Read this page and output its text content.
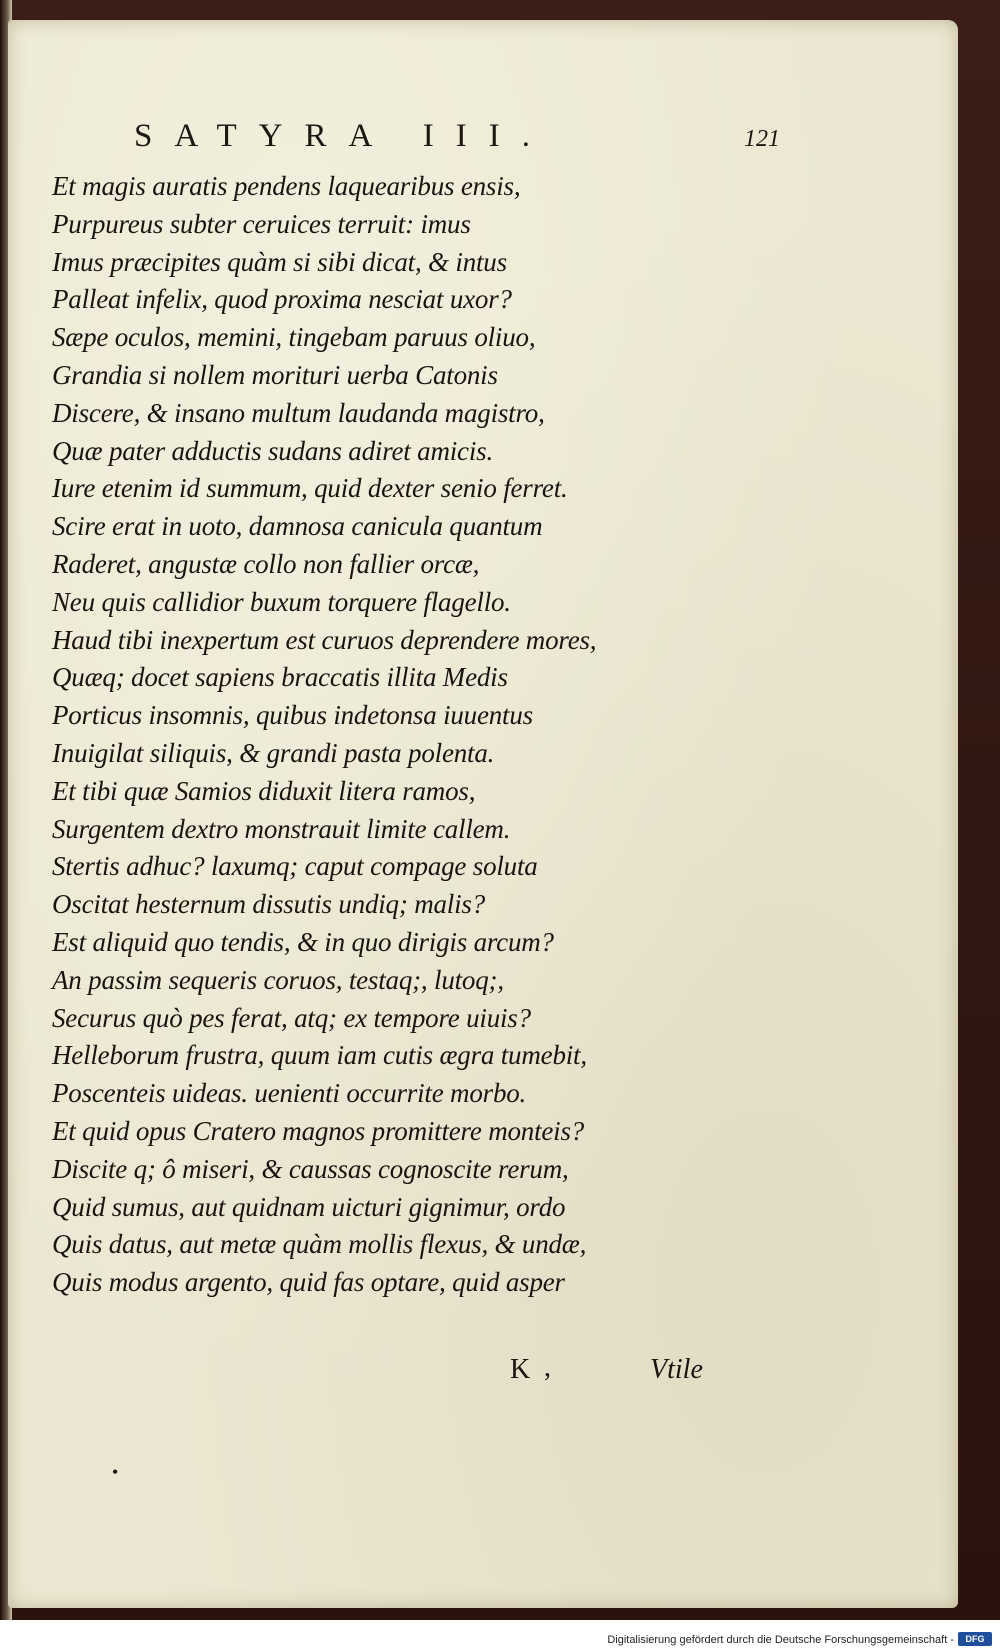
SATYRA III.	121
Et magis auratis pendens laquearibus ensis,
Purpureus subter ceruices terruit: imus
Imus præcipites quàm si sibi dicat, & intus
Palleat infelix, quod proxima nesciat uxor?
Sæpe oculos, memini, tingebam paruus oliuo,
Grandia si nollem morituri uerba Catonis
Discere, & insano multum laudanda magistro,
Quæ pater adductis sudans adiret amicis.
Iure etenim id summum, quid dexter senio ferret.
Scire erat in uoto, damnosa canicula quantum
Raderet, angustæ collo non fallier orcæ,
Neu quis callidior buxum torquere flagello.
Haud tibi inexpertum est curuos deprendere mores,
Quæq; docet sapiens braccatis illita Medis
Porticus insomnis, quibus indetonsa iuuentus
Inuigilat siliquis, & grandi pasta polenta.
Et tibi quæ Samios diduxit litera ramos,
Surgentem dextro monstrauit limite callem.
Stertis adhuc? laxumq; caput compage soluta
Oscitat hesternum dissutis undiq; malis?
Est aliquid quo tendis, & in quo dirigis arcum?
An passim sequeris coruos, testaq;, lutoq;,
Securus quò pes ferat, atq; ex tempore uiuis?
Helleborum frustra, quum iam cutis ægra tumebit,
Poscenteis uideas. uenienti occurrite morbo.
Et quid opus Cratero magnos promittere monteis?
Discite q; ô miseri, & caussas cognoscite rerum,
Quid sumus, aut quidnam uicturi gignimur, ordo
Quis datus, aut metæ quàm mollis flexus, & undæ,
Quis modus argento, quid fas optare, quid asper
K ,	Vtile
•
Digitalisierung gefördert durch die Deutsche Forschungsgemeinschaft -	DFG
